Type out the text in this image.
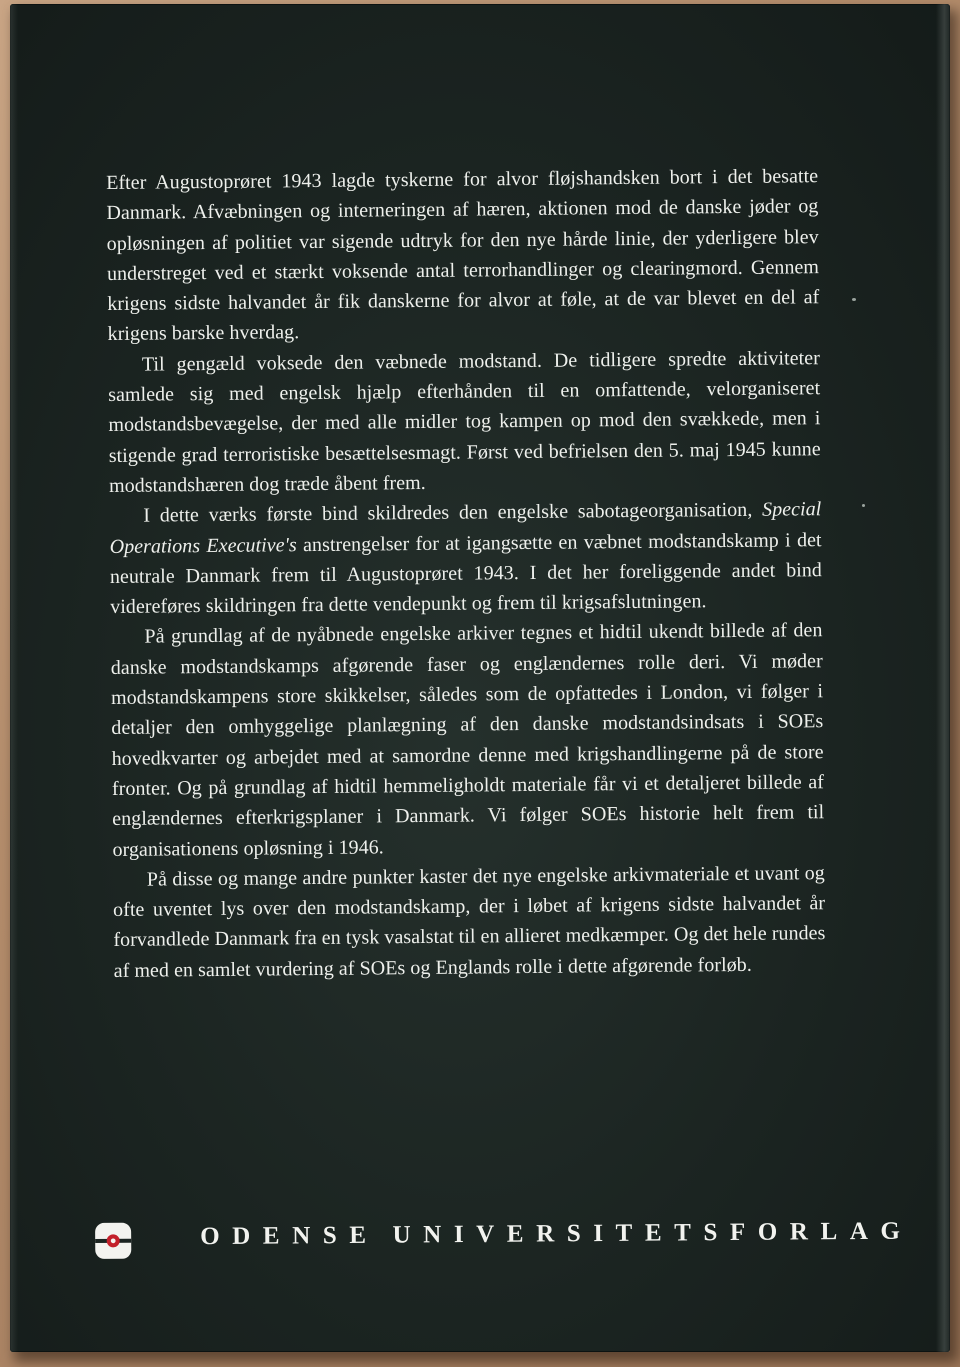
Efter Augustoprøret 1943 lagde tyskerne for alvor fløjshandsken bort i det besatte Danmark. Afvæbningen og interneringen af hæren, aktionen mod de danske jøder og opløsningen af politiet var sigende udtryk for den nye hårde linie, der yderligere blev understreget ved et stærkt voksende antal terrorhandlinger og clearingmord. Gennem krigens sidste halvandet år fik danskerne for alvor at føle, at de var blevet en del af krigens barske hverdag.

Til gengæld voksede den væbnede modstand. De tidligere spredte aktiviteter samlede sig med engelsk hjælp efterhånden til en omfattende, velorganiseret modstandsbevægelse, der med alle midler tog kampen op mod den svækkede, men i stigende grad terroristiske besættelsesmagt. Først ved befrielsen den 5. maj 1945 kunne modstandshæren dog træde åbent frem.

I dette værks første bind skildredes den engelske sabotageorganisation, Special Operations Executive's anstrengelser for at igangsætte en væbnet modstandskamp i det neutrale Danmark frem til Augustoprøret 1943. I det her foreliggende andet bind videreføres skildringen fra dette vendepunkt og frem til krigsafslutningen.

På grundlag af de nyåbnede engelske arkiver tegnes et hidtil ukendt billede af den danske modstandskamps afgørende faser og englændernes rolle deri. Vi møder modstandskampens store skikkelser, således som de opfattedes i London, vi følger i detaljer den omhyggelige planlægning af den danske modstandsindsats i SOEs hovedkvarter og arbejdet med at samordne denne med krigshandlingerne på de store fronter. Og på grundlag af hidtil hemmeligholdt materiale får vi et detaljeret billede af englændernes efterkrigsplaner i Danmark. Vi følger SOEs historie helt frem til organisationens opløsning i 1946.

På disse og mange andre punkter kaster det nye engelske arkivmateriale et uvant og ofte uventet lys over den modstandskamp, der i løbet af krigens sidste halvandet år forvandlede Danmark fra en tysk vasalstat til en allieret medkæmper. Og det hele rundes af med en samlet vurdering af SOEs og Englands rolle i dette afgørende forløb.

ODENSE UNIVERSITETSFORLAG
